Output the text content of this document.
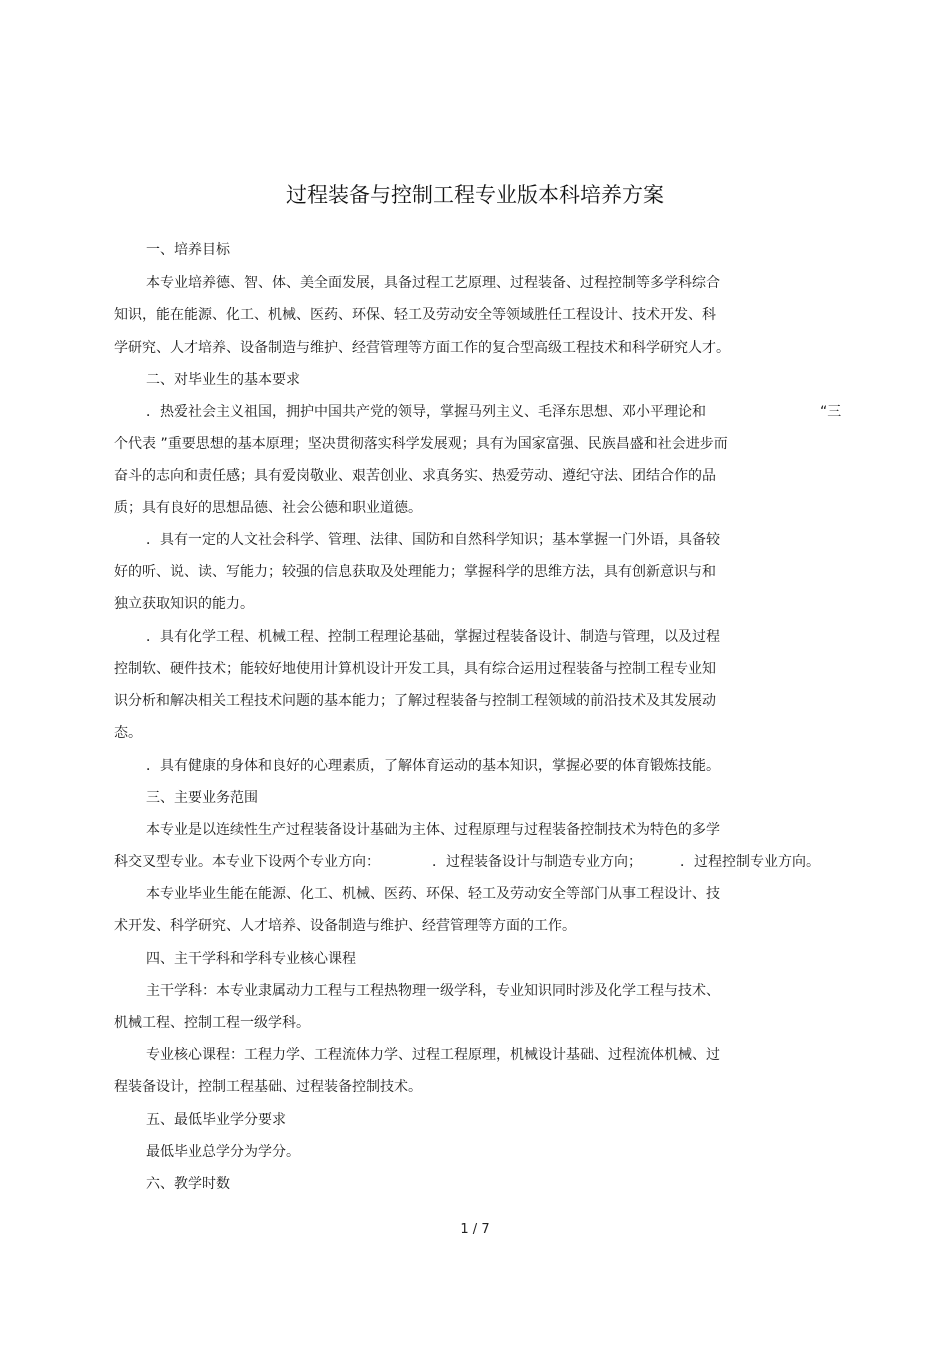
过程装备与控制工程专业版本科培养方案
一、培养目标
本专业培养德、智、体、美全面发展，具备过程工艺原理、过程装备、过程控制等多学科综合
知识，能在能源、化工、机械、医药、环保、轻工及劳动安全等领域胜任工程设计、技术开发、科
学研究、人才培养、设备制造与维护、经营管理等方面工作的复合型高级工程技术和科学研究人才。
二、对毕业生的基本要求
．热爱社会主义祖国，拥护中国共产党的领导，掌握马列主义、毛泽东思想、邓小平理论和	“三
个代表 ”重要思想的基本原理；坚决贯彻落实科学发展观；具有为国家富强、民族昌盛和社会进步而
奋斗的志向和责任感；具有爱岗敬业、艰苦创业、求真务实、热爱劳动、遵纪守法、团结合作的品
质；具有良好的思想品德、社会公德和职业道德。
．具有一定的人文社会科学、管理、法律、国防和自然科学知识；基本掌握一门外语，具备较
好的听、说、读、写能力；较强的信息获取及处理能力；掌握科学的思维方法，具有创新意识与和
独立获取知识的能力。
．具有化学工程、机械工程、控制工程理论基础，掌握过程装备设计、制造与管理，以及过程
控制软、硬件技术；能较好地使用计算机设计开发工具，具有综合运用过程装备与控制工程专业知
识分析和解决相关工程技术问题的基本能力；了解过程装备与控制工程领域的前沿技术及其发展动
态。
．具有健康的身体和良好的心理素质，了解体育运动的基本知识，掌握必要的体育锻炼技能。
三、主要业务范围
本专业是以连续性生产过程装备设计基础为主体、过程原理与过程装备控制技术为特色的多学
科交叉型专业。本专业下设两个专业方向：	．过程装备设计与制造专业方向；	．过程控制专业方向。
本专业毕业生能在能源、化工、机械、医药、环保、轻工及劳动安全等部门从事工程设计、技
术开发、科学研究、人才培养、设备制造与维护、经营管理等方面的工作。
四、主干学科和学科专业核心课程
主干学科：本专业隶属动力工程与工程热物理一级学科，专业知识同时涉及化学工程与技术、
机械工程、控制工程一级学科。
专业核心课程：工程力学、工程流体力学、过程工程原理，机械设计基础、过程流体机械、过
程装备设计，控制工程基础、过程装备控制技术。
五、最低毕业学分要求
最低毕业总学分为学分。
六、教学时数
1 / 7
